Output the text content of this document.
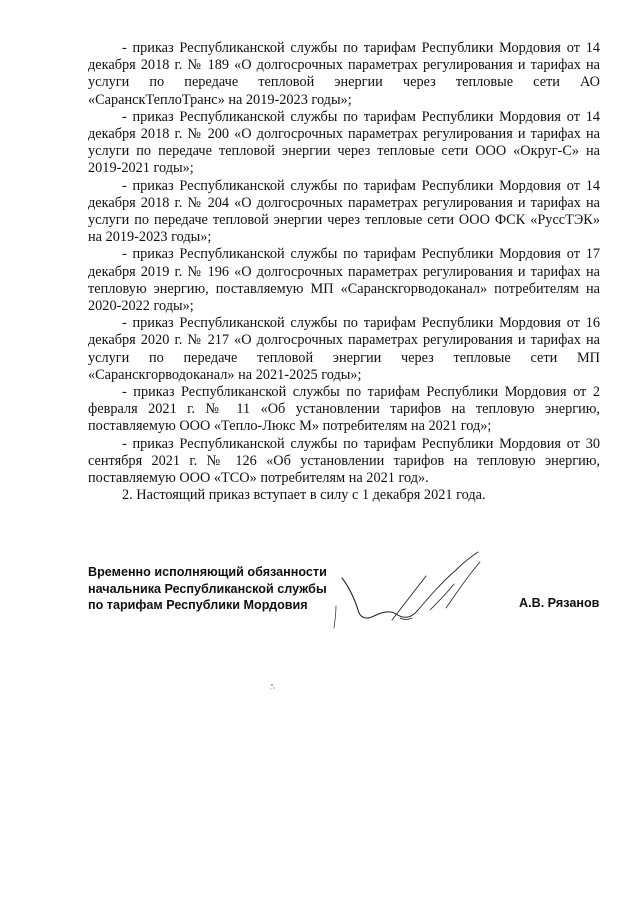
- приказ Республиканской службы по тарифам Республики Мордовия от 14 декабря 2018 г. № 189 «О долгосрочных параметрах регулирования и тарифах на услуги по передаче тепловой энергии через тепловые сети АО «СаранскТеплоТранс» на 2019-2023 годы»;

- приказ Республиканской службы по тарифам Республики Мордовия от 14 декабря 2018 г. № 200 «О долгосрочных параметрах регулирования и тарифах на услуги по передаче тепловой энергии через тепловые сети ООО «Округ-С» на 2019-2021 годы»;

- приказ Республиканской службы по тарифам Республики Мордовия от 14 декабря 2018 г. № 204 «О долгосрочных параметрах регулирования и тарифах на услуги по передаче тепловой энергии через тепловые сети ООО ФСК «РуссТЭК» на 2019-2023 годы»;

- приказ Республиканской службы по тарифам Республики Мордовия от 17 декабря 2019 г. № 196 «О долгосрочных параметрах регулирования и тарифах на тепловую энергию, поставляемую МП «Саранскгорводоканал» потребителям на 2020-2022 годы»;

- приказ Республиканской службы по тарифам Республики Мордовия от 16 декабря 2020 г. № 217 «О долгосрочных параметрах регулирования и тарифах на услуги по передаче тепловой энергии через тепловые сети МП «Саранскгорводоканал» на 2021-2025 годы»;

- приказ Республиканской службы по тарифам Республики Мордовия от 2 февраля 2021 г. № 11 «Об установлении тарифов на тепловую энергию, поставляемую ООО «Тепло-Люкс М» потребителям на 2021 год»;

- приказ Республиканской службы по тарифам Республики Мордовия от 30 сентября 2021 г. № 126 «Об установлении тарифов на тепловую энергию, поставляемую ООО «ТСО» потребителям на 2021 год».

2. Настоящий приказ вступает в силу с 1 декабря 2021 года.

Временно исполняющий обязанности
начальника Республиканской службы
по тарифам Республики Мордовия	А.В. Рязанов
